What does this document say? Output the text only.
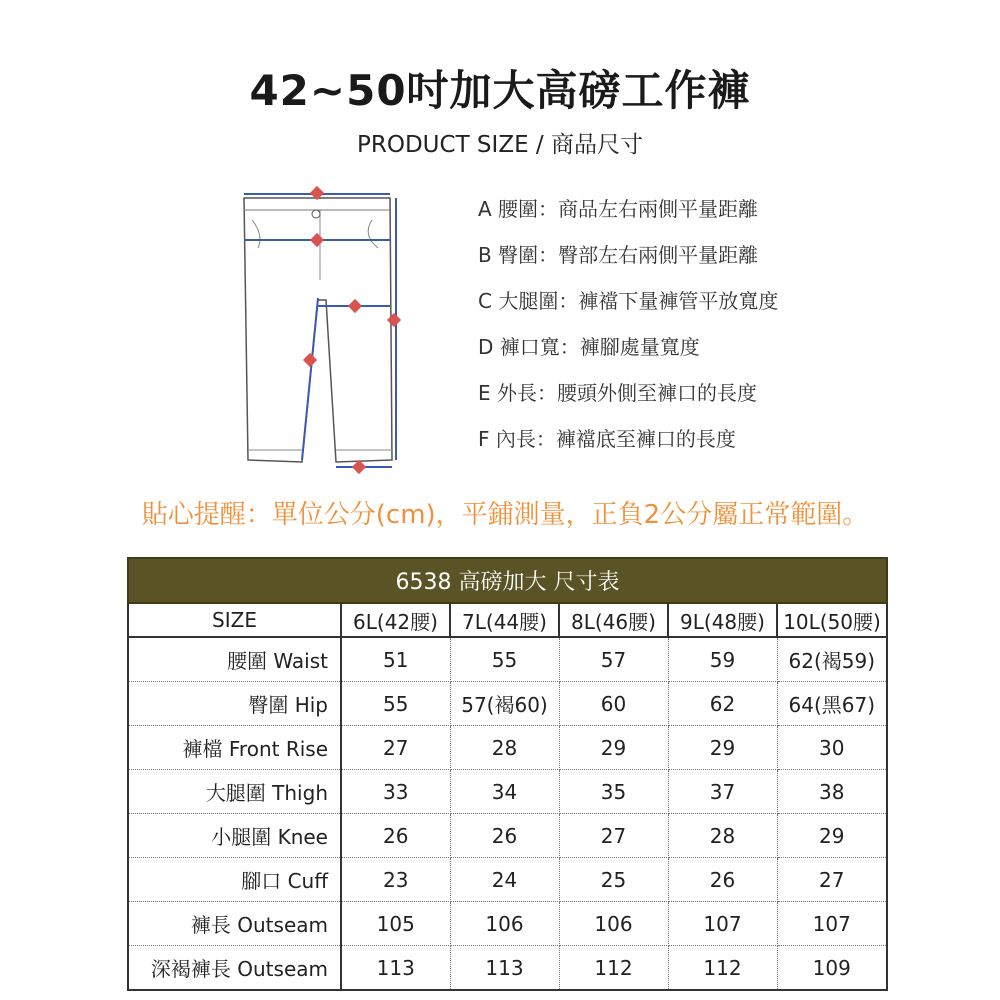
42~50吋加大高磅工作褲
PRODUCT SIZE / 商品尺寸
A 腰圍：商品左右兩側平量距離
B 臀圍：臀部左右兩側平量距離
C 大腿圍：褲襠下量褲管平放寬度
D 褲口寬：褲腳處量寬度
E 外長：腰頭外側至褲口的長度
F 內長：褲襠底至褲口的長度
貼心提醒：單位公分(cm)，平鋪測量，正負2公分屬正常範圍。
6538 高磅加大 尺寸表					
SIZE	6L(42腰)	7L(44腰)	8L(46腰)	9L(48腰)	10L(50腰)
腰圍 Waist	51	55	57	59	62(褐59)
臀圍 Hip	55	57(褐60)	60	62	64(黑67)
褲檔 Front Rise	27	28	29	29	30
大腿圍 Thigh	33	34	35	37	38
小腿圍 Knee	26	26	27	28	29
腳口 Cuff	23	24	25	26	27
褲長 Outseam	105	106	106	107	107
深褐褲長 Outseam	113	113	112	112	109
